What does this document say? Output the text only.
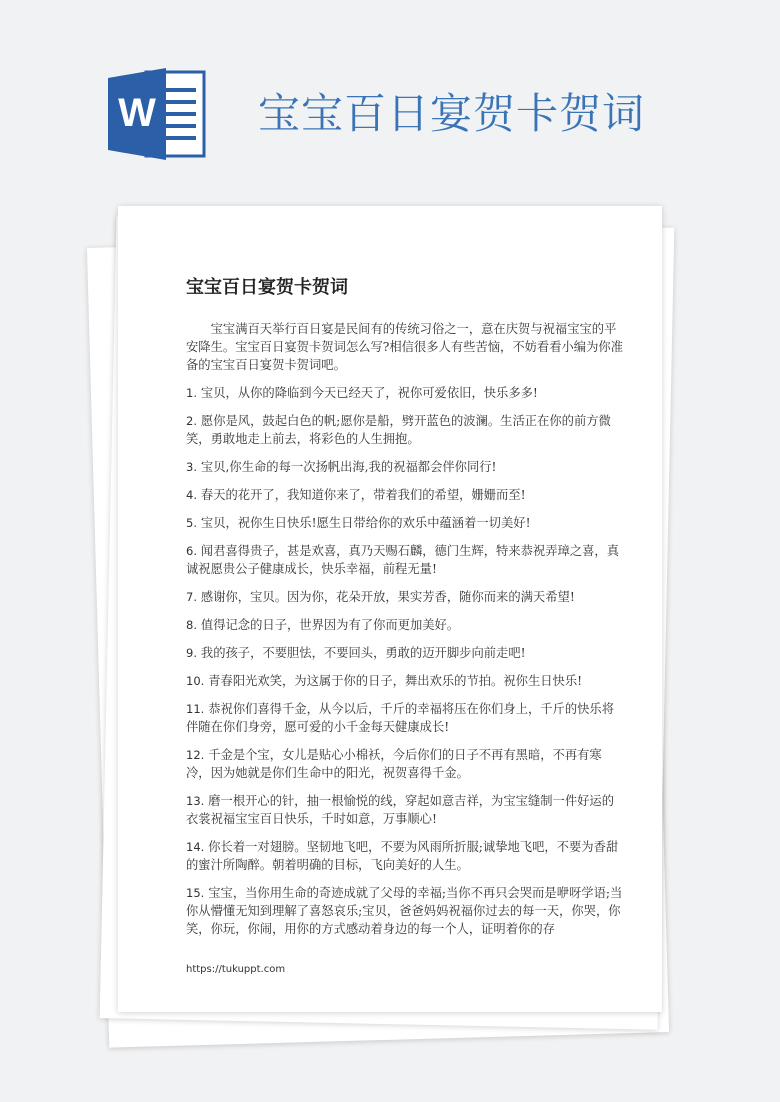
W 宝宝百日宴贺卡贺词
宝宝百日宴贺卡贺词

宝宝满百天举行百日宴是民间有的传统习俗之一，意在庆贺与祝福宝宝的平安降生。宝宝百日宴贺卡贺词怎么写?相信很多人有些苦恼，不妨看看小编为你准备的宝宝百日宴贺卡贺词吧。

1. 宝贝，从你的降临到今天已经天了，祝你可爱依旧，快乐多多!

2. 愿你是风，鼓起白色的帆;愿你是船，劈开蓝色的波澜。生活正在你的前方微笑，勇敢地走上前去，将彩色的人生拥抱。

3. 宝贝,你生命的每一次扬帆出海,我的祝福都会伴你同行!

4. 春天的花开了，我知道你来了，带着我们的希望，姗姗而至!

5. 宝贝，祝你生日快乐!愿生日带给你的欢乐中蕴涵着一切美好!

6. 闻君喜得贵子，甚是欢喜，真乃天赐石麟，德门生辉，特来恭祝弄璋之喜，真诚祝愿贵公子健康成长，快乐幸福，前程无量!

7. 感谢你，宝贝。因为你，花朵开放，果实芳香，随你而来的满天希望!

8. 值得记念的日子，世界因为有了你而更加美好。

9. 我的孩子，不要胆怯，不要回头，勇敢的迈开脚步向前走吧!

10. 青春阳光欢笑，为这属于你的日子，舞出欢乐的节拍。祝你生日快乐!

11. 恭祝你们喜得千金，从今以后，千斤的幸福将压在你们身上，千斤的快乐将伴随在你们身旁，愿可爱的小千金每天健康成长!

12. 千金是个宝，女儿是贴心小棉袄，今后你们的日子不再有黑暗，不再有寒冷，因为她就是你们生命中的阳光，祝贺喜得千金。

13. 磨一根开心的针，抽一根愉悦的线，穿起如意吉祥，为宝宝缝制一件好运的衣裳祝福宝宝百日快乐，千时如意，万事顺心!

14. 你长着一对翅膀。坚韧地飞吧，不要为风雨所折服;诚挚地飞吧，不要为香甜的蜜汁所陶醉。朝着明确的目标，飞向美好的人生。

15. 宝宝，当你用生命的奇迹成就了父母的幸福;当你不再只会哭而是咿呀学语;当你从懵懂无知到理解了喜怒哀乐;宝贝，爸爸妈妈祝福你过去的每一天，你哭，你笑，你玩，你闹，用你的方式感动着身边的每一个人，证明着你的存

https://tukuppt.com
